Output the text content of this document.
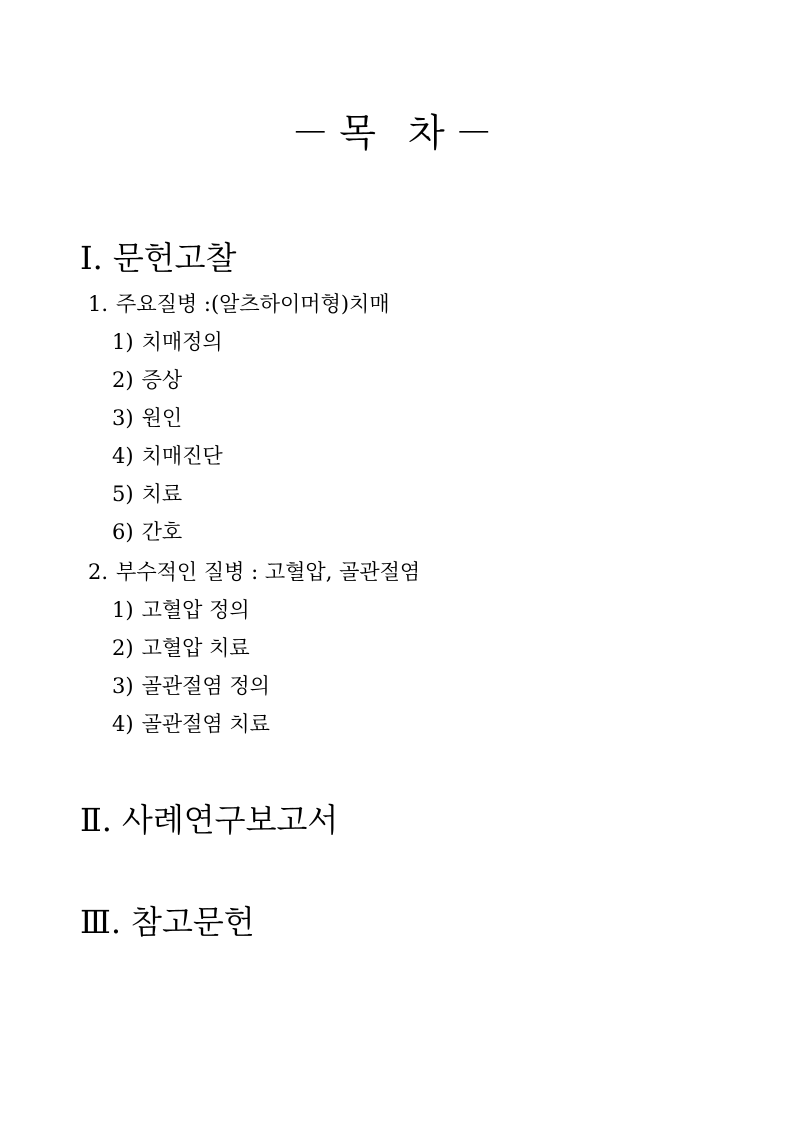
－목 차－
Ⅰ. 문헌고찰
1. 주요질병 :(알츠하이머형)치매
1) 치매정의
2) 증상
3) 원인
4) 치매진단
5) 치료
6) 간호
2. 부수적인 질병 : 고혈압, 골관절염
1) 고혈압 정의
2) 고혈압 치료
3) 골관절염 정의
4) 골관절염 치료
Ⅱ. 사례연구보고서
Ⅲ. 참고문헌
